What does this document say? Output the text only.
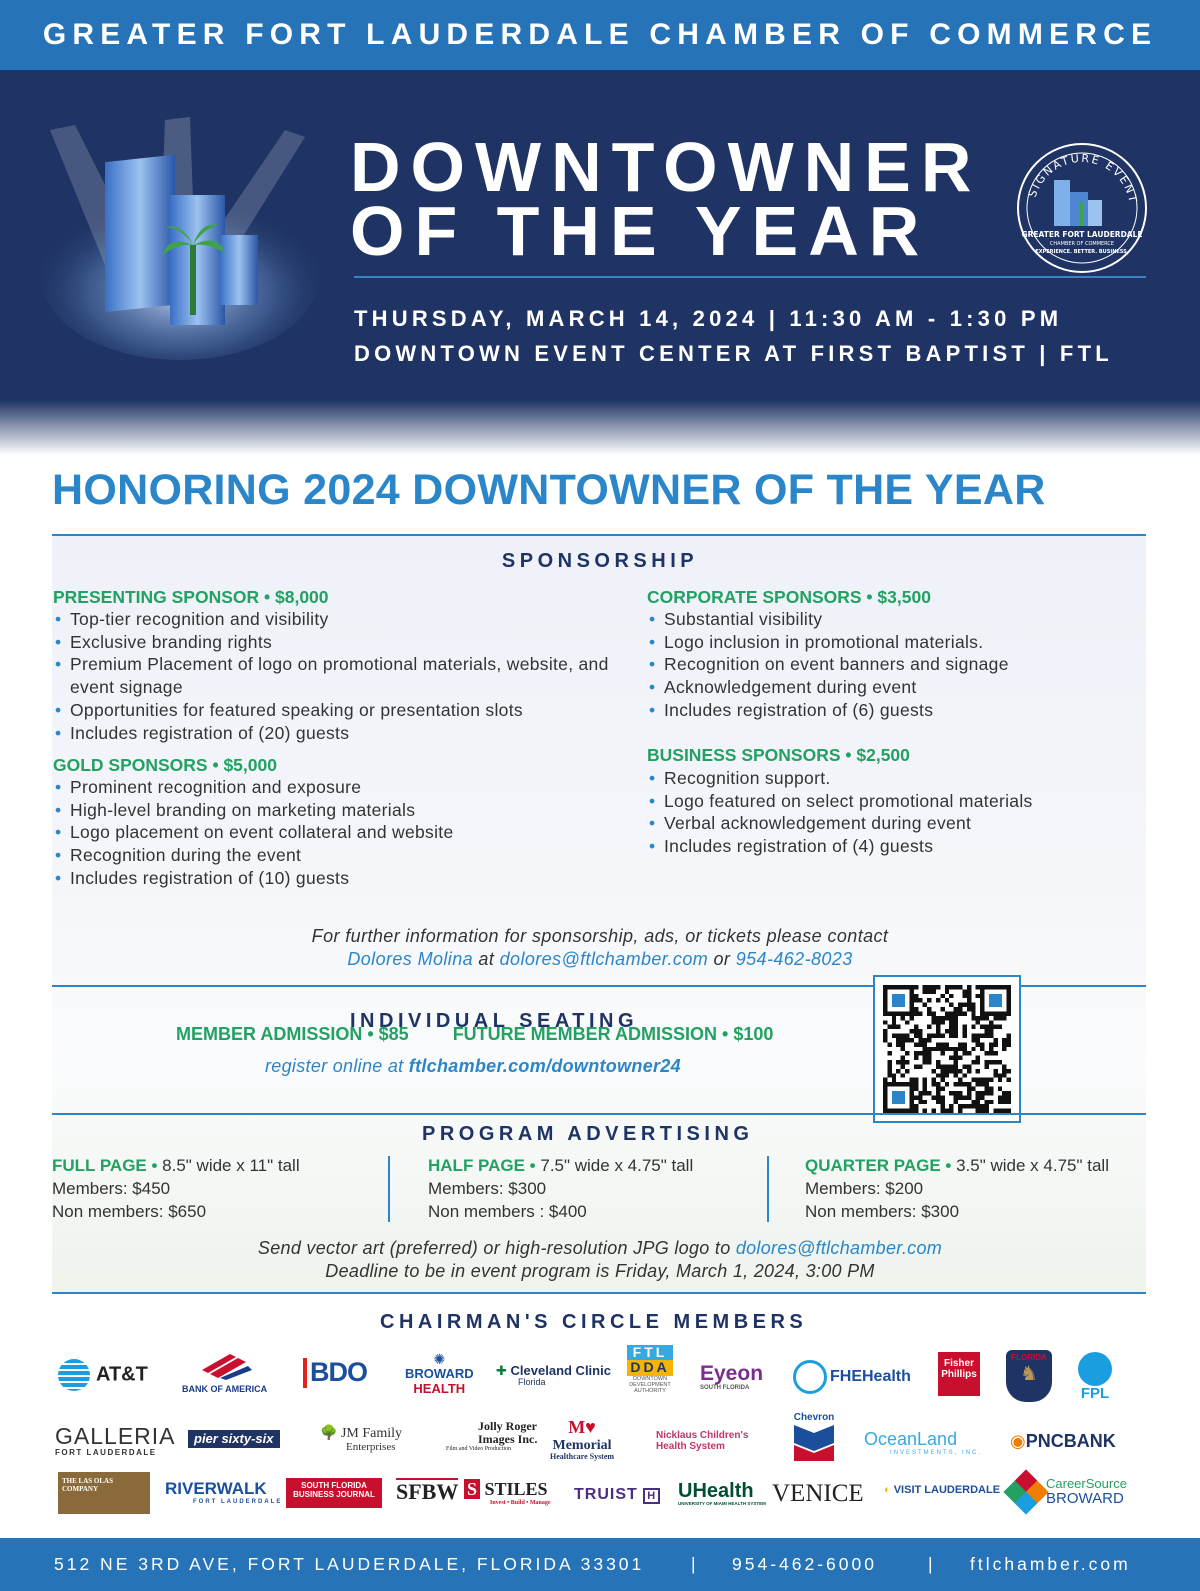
GREATER FORT LAUDERDALE CHAMBER OF COMMERCE
DOWNTOWNER
OF THE YEAR
THURSDAY, MARCH 14, 2024 | 11:30 AM - 1:30 PM
DOWNTOWN EVENT CENTER AT FIRST BAPTIST | FTL
SIGNATURE EVENT
GREATER FORT LAUDERDALE
CHAMBER OF COMMERCE
EXPERIENCE. BETTER. BUSINESS.
HONORING 2024 DOWNTOWNER OF THE YEAR
SPONSORSHIP
PRESENTING SPONSOR • $8,000
• Top-tier recognition and visibility
• Exclusive branding rights
• Premium Placement of logo on promotional materials, website, and event signage
• Opportunities for featured speaking or presentation slots
• Includes registration of (20) guests
GOLD SPONSORS • $5,000
• Prominent recognition and exposure
• High-level branding on marketing materials
• Logo placement on event collateral and website
• Recognition during the event
• Includes registration of (10) guests
CORPORATE SPONSORS • $3,500
• Substantial visibility
• Logo inclusion in promotional materials.
• Recognition on event banners and signage
• Acknowledgement during event
• Includes registration of (6) guests
BUSINESS SPONSORS • $2,500
• Recognition support.
• Logo featured on select promotional materials
• Verbal acknowledgement during event
• Includes registration of (4) guests
For further information for sponsorship, ads, or tickets please contact
Dolores Molina at dolores@ftlchamber.com or 954-462-8023
INDIVIDUAL SEATING
MEMBER ADMISSION • $85 FUTURE MEMBER ADMISSION • $100
register online at ftlchamber.com/downtowner24
PROGRAM ADVERTISING
FULL PAGE • 8.5" wide x 11" tall
Members: $450
Non members: $650
HALF PAGE • 7.5" wide x 4.75" tall
Members: $300
Non members : $400
QUARTER PAGE • 3.5" wide x 4.75" tall
Members: $200
Non members: $300
Send vector art (preferred) or high-resolution JPG logo to dolores@ftlchamber.com
Deadline to be in event program is Friday, March 1, 2024, 3:00 PM
CHAIRMAN'S CIRCLE MEMBERS
AT&T
BANK OF AMERICA
BDO	✺
BROWARD
HEALTH
✚ Cleveland Clinic
Florida
FTL
DDA
DOWNTOWN DEVELOPMENT AUTHORITY
Eyeon
SOUTH FLORIDA
FHEHealth
Fisher Phillips
FLORIDA
♞
FPL
GALLERIA
FORT LAUDERDALE
pier sixty-six	🌳 JM Family
Enterprises
Jolly Roger
Images Inc.
Film and Video Production
M♥
Memorial
Healthcare System
Nicklaus Children's
Health System
Chevron
OceanLand
INVESTMENTS, INC.
◉PNCBANK
THE LAS OLAS COMPANY	RIVERWALK
FORT LAUDERDALE
SOUTH FLORIDA BUSINESS JOURNAL SFBW S STILES
Invest • Build • Manage TRUIST H UHealth
UNIVERSITY OF MIAMI HEALTH SYSTEM VENICE ◐ VISIT LAUDERDALE	CareerSource
BROWARD
512 NE 3RD AVE, FORT LAUDERDALE, FLORIDA 33301	| 954-462-6000	| ftlchamber.com
